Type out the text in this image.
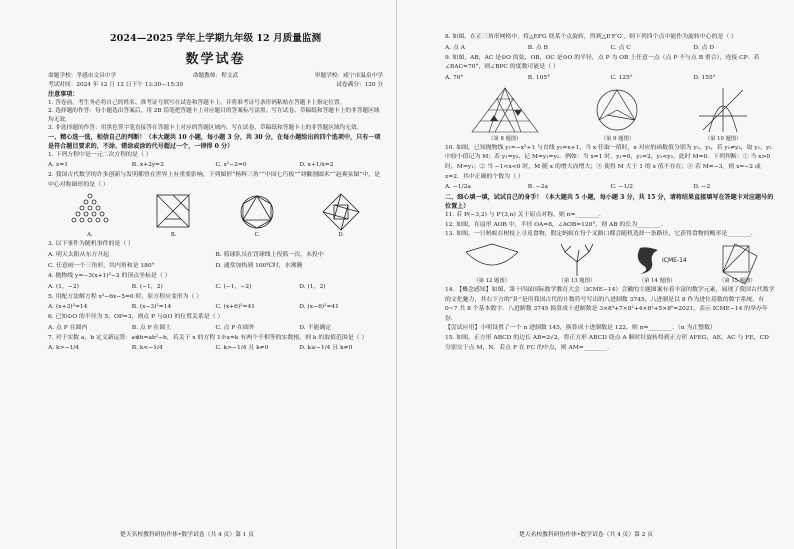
2024—2025 学年上学期九年级 12 月质量监测
数学试卷
命题学校：孝感市文昌中学	命题教师：程文武	审题学校：咸宁市温泉中学
考试时间：2024 年 12 月 12 日下午 13:30—15:30	试卷满分：120 分
注意事项：

1. 答卷前，考生务必将自己的姓名、准考证号填写在试卷和答题卡上，并将准考证号条形码粘贴在答题卡上指定位置。

2. 选择题的作答：每小题选出答案后，用 2B 铅笔把答题卡上对应题目的答案标号涂黑。写在试卷、草稿纸和答题卡上的非答题区域均无效。

3. 非选择题的作答：用黑色签字笔直接答在答题卡上对应的答题区域内。写在试卷、草稿纸和答题卡上的非答题区域均无效。

一、精心选一选，相信自己的判断！（本大题共 10 小题，每小题 3 分，共 30 分，在每小题给出的四个选项中，只有一项是符合题目要求的，不涂、错涂或涂的代号超过一个，一律得 0 分）

1. 下列方程中是一元二次方程的是（ ）

A. x=1	B. x+2y=2	C. x²−2=0	D. x+1/x=2

2. 我国古代数学的许多创新与发明都曾在世界上有重要影响，下列图形“杨辉三角”“中国七巧板”“刘徽割圆术”“赵爽弦图”中，是中心对称图形的是（ ）

A.	B.	C.	D.

3. 以下事件为随机事件的是（ ）

A. 明天太阳从东方升起	B. 篮球队员在罚球线上投篮一次，未投中
C. 任意画一个三角形，其内角和是 180°	D. 通常加热到 100℃时，水沸腾

4. 抛物线 y=−3(x+1)²−2 的顶点坐标是（ ）

A. (1，−2)	B. (−1，2)	C. (−1，−2)	D. (1，2)

5. 用配方法解方程 x²−6x−5=0 时，原方程应变形为（ ）

A. (x+3)²=14	B. (x−3)²=14	C. (x+6)²=41	D. (x−6)²=41

6. 已知⊙O 的半径为 5，OP=3，则点 P 与⊙O 的位置关系是（ ）

A. 点 P 在圆内	B. 点 P 在圆上	C. 点 P 在圆外	D. 不能确定

7. 对于实数 a，b 定义新运算：a※b=ab²−b，若关于 x 的方程 1※x=k 有两个不相等的实数根，则 k 的取值范围是（ ）

A. k>−1/4	B. k<−1/4	C. k>−1/4 且 k≠0	D. k≥−1/4 且 k≠0
楚天名校教科研协作体•数学试卷（共 4 页）第 1 页

8. 如图，在正三角形网格中，将△EFG 绕某个点旋转，得到△E′F′G′，则下列四个点中能作为旋转中心的是（ ）

A. 点 A	B. 点 B	C. 点 C	D. 点 D

9. 如图，AB，AC 是⊙O 的弦，OB，OC 是⊙O 的半径，点 P 为 OB 上任意一点（点 P 不与点 B 重合），连接 CP．若∠BAC=70°，则∠BPC 的度数可能是（ ）

A. 70°	B. 105°	C. 125°	D. 155°
（第 8 题图）	（第 9 题图）	（第 10 题图）

10. 如图，已知抛物线 y₁=−x²+1 与直线 y₂=x+1，当 x 任取一值时，x 对应的函数值分别为 y₁，y₂，若 y₁≠y₂，取 y₁，y₂ 中较小值记为 M；若 y₁=y₂，记 M=y₁=y₂．例如：当 x=1 时，y₁=0，y₂=2，y₁<y₂，此时 M=0．下列判断：① 当 x>0 时，M=y₁；② 当 −1<x<0 时，M 随 x 的增大而增大；③ 使得 M 大于 1 的 x 值不存在；④ 若 M=−3，则 x=−2 或 x=2．其中正确的个数为（ ）

A. −1/2a	B. −2a	C. −1/2	D. −2
二、细心填一填，试试自己的身手！（本大题共 5 小题，每小题 3 分，共 15 分，请将结果直接填写在答题卡对应题号的位置上）

11. 若 P(−3,2) 与 P′(3,n) 关于原点对称，则 n=________．

12. 如图，在扇形 AOB 中，半径 OA=8，∠AOB=120°，则 AB 的长为________．

13. 如图，一只蚂蚁在树枝上寻觅食物，假定蚂蚁在每个叉路口都会随机选择一条路径，它获得食物的概率是________．

（第 12 题图）	（第 13 题图）
ICME-14
（第 14 题图）	（第 15 题图）

14. 【概念感知】如图，第十四届国际数学教育大会（ICME−14）会徽的主题图案有着丰富的数学元素，展现了我国古代数学的文化魅力，其右下方的“卦”是用我国古代的计数符号写出的八进制数 3745，八进制是以 8 作为进位基数的数字系统，有 0~7 共 8 个基本数字．八进制数 3745 换算成十进制数是 3×8³+7×8²+4×8¹+5×8⁰=2021，表示 ICME−14 的举办年份．

【尝试应用】小明设置了一个 n 进制数 145，换算成十进制数是 122，则 n=________．（n 为正整数）

15. 如图，正方形 ABCD 的边长 AB=2√2，将正方形 ABCD 绕点 A 顺时针旋转得到正方形 AFEG，AE，AC 与 FE，CD 分别交于点 M，N．若点 F 在 FC 的中点，则 AM=________．

楚天名校教科研协作体•数学试卷（共 4 页）第 2 页
